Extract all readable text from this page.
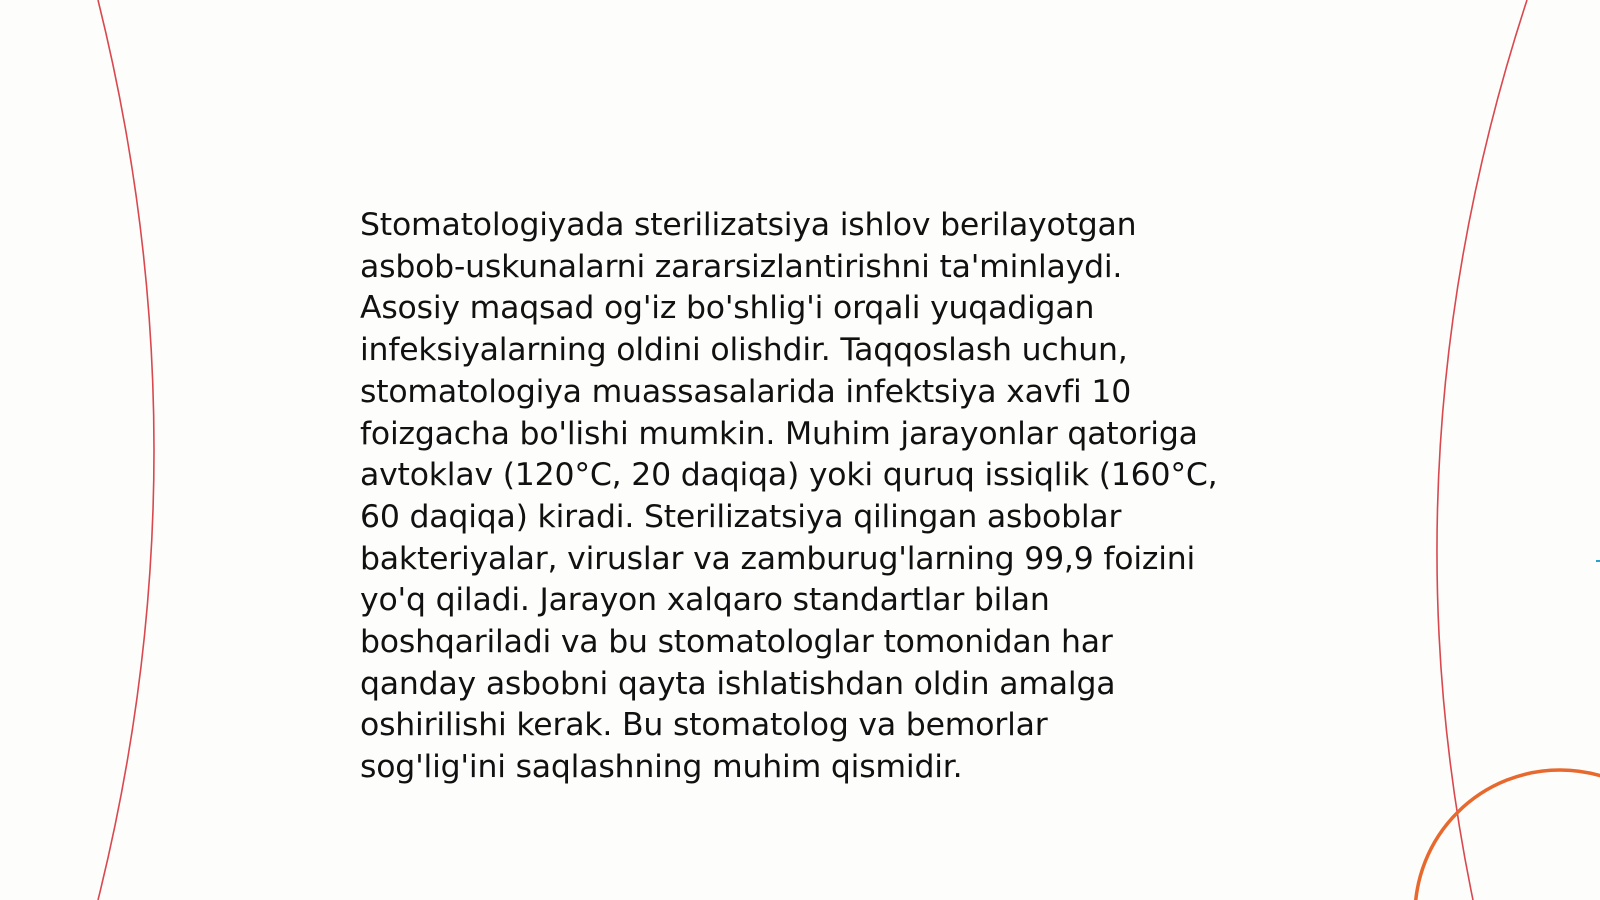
Stomatologiyada sterilizatsiya ishlov berilayotgan
asbob-uskunalarni zararsizlantirishni ta'minlaydi.
Asosiy maqsad og'iz bo'shlig'i orqali yuqadigan
infeksiyalarning oldini olishdir. Taqqoslash uchun,
stomatologiya muassasalarida infektsiya xavfi 10
foizgacha bo'lishi mumkin. Muhim jarayonlar qatoriga
avtoklav (120°C, 20 daqiqa) yoki quruq issiqlik (160°C,
60 daqiqa) kiradi. Sterilizatsiya qilingan asboblar
bakteriyalar, viruslar va zamburug'larning 99,9 foizini
yo'q qiladi. Jarayon xalqaro standartlar bilan
boshqariladi va bu stomatologlar tomonidan har
qanday asbobni qayta ishlatishdan oldin amalga
oshirilishi kerak. Bu stomatolog va bemorlar
sog'lig'ini saqlashning muhim qismidir.
